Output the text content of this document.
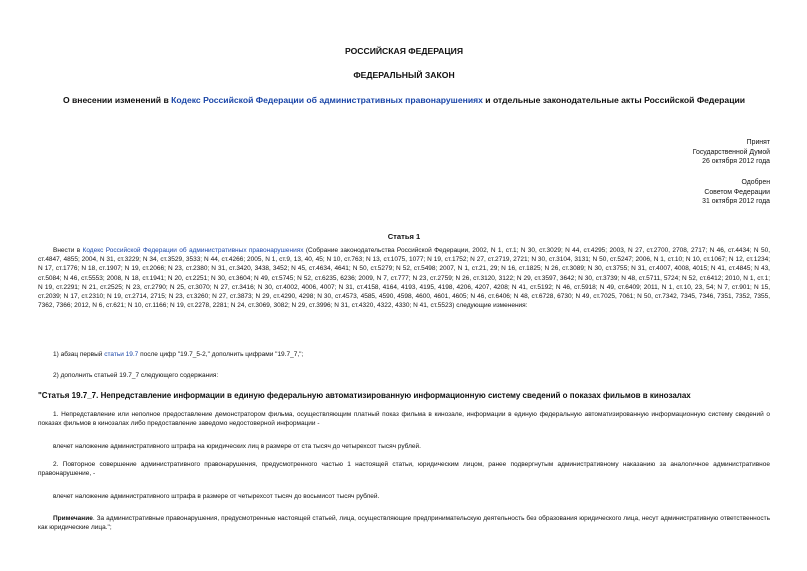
РОССИЙСКАЯ ФЕДЕРАЦИЯ
ФЕДЕРАЛЬНЫЙ ЗАКОН
О внесении изменений в Кодекс Российской Федерации об административных правонарушениях и отдельные законодательные акты Российской Федерации
Принят
Государственной Думой
26 октября 2012 года
Одобрен
Советом Федерации
31 октября 2012 года
Статья 1
Внести в Кодекс Российской Федерации об административных правонарушениях (Собрание законодательства Российской Федерации, 2002, N 1, ст.1; N 30, ст.3029; N 44, ст.4295; 2003, N 27, ст.2700, 2708, 2717; N 46, ст.4434; N 50, ст.4847, 4855; 2004, N 31, ст.3229; N 34, ст.3529, 3533; N 44, ст.4266; 2005, N 1, ст.9, 13, 40, 45; N 10, ст.763; N 13, ст.1075, 1077; N 19, ст.1752; N 27, ст.2719, 2721; N 30, ст.3104, 3131; N 50, ст.5247; 2006, N 1, ст.10; N 10, ст.1067; N 12, ст.1234; N 17, ст.1776; N 18, ст.1907; N 19, ст.2066; N 23, ст.2380; N 31, ст.3420, 3438, 3452; N 45, ст.4634, 4641; N 50, ст.5279; N 52, ст.5498; 2007, N 1, ст.21, 29; N 16, ст.1825; N 26, ст.3089; N 30, ст.3755; N 31, ст.4007, 4008, 4015; N 41, ст.4845; N 43, ст.5084; N 46, ст.5553; 2008, N 18, ст.1941; N 20, ст.2251; N 30, ст.3604; N 49, ст.5745; N 52, ст.6235, 6236; 2009, N 7, ст.777; N 23, ст.2759; N 26, ст.3120, 3122; N 29, ст.3597, 3642; N 30, ст.3739; N 48, ст.5711, 5724; N 52, ст.6412; 2010, N 1, ст.1; N 19, ст.2291; N 21, ст.2525; N 23, ст.2790; N 25, ст.3070; N 27, ст.3416; N 30, ст.4002, 4006, 4007; N 31, ст.4158, 4164, 4193, 4195, 4198, 4206, 4207, 4208; N 41, ст.5192; N 46, ст.5918; N 49, ст.6409; 2011, N 1, ст.10, 23, 54; N 7, ст.901; N 15, ст.2039; N 17, ст.2310; N 19, ст.2714, 2715; N 23, ст.3260; N 27, ст.3873; N 29, ст.4290, 4298; N 30, ст.4573, 4585, 4590, 4598, 4600, 4601, 4605; N 46, ст.6406; N 48, ст.6728, 6730; N 49, ст.7025, 7061; N 50, ст.7342, 7345, 7346, 7351, 7352, 7355, 7362, 7366; 2012, N 6, ст.621; N 10, ст.1166; N 19, ст.2278, 2281; N 24, ст.3069, 3082; N 29, ст.3996; N 31, ст.4320, 4322, 4330; N 41, ст.5523) следующие изменения:
1) абзац первый статьи 19.7 после цифр "19.7_5-2," дополнить цифрами "19.7_7,";
2) дополнить статьей 19.7_7 следующего содержания:
"Статья 19.7_7. Непредставление информации в единую федеральную автоматизированную информационную систему сведений о показах фильмов в кинозалах
1. Непредставление или неполное предоставление демонстратором фильма, осуществляющим платный показ фильма в кинозале, информации в единую федеральную автоматизированную информационную систему сведений о показах фильмов в кинозалах либо предоставление заведомо недостоверной информации -
влечет наложение административного штрафа на юридических лиц в размере от ста тысяч до четырехсот тысяч рублей.
2. Повторное совершение административного правонарушения, предусмотренного частью 1 настоящей статьи, юридическим лицом, ранее подвергнутым административному наказанию за аналогичное административное правонарушение, -
влечет наложение административного штрафа в размере от четырехсот тысяч до восьмисот тысяч рублей.
Примечание. За административные правонарушения, предусмотренные настоящей статьей, лица, осуществляющие предпринимательскую деятельность без образования юридического лица, несут административную ответственность как юридические лица.";
